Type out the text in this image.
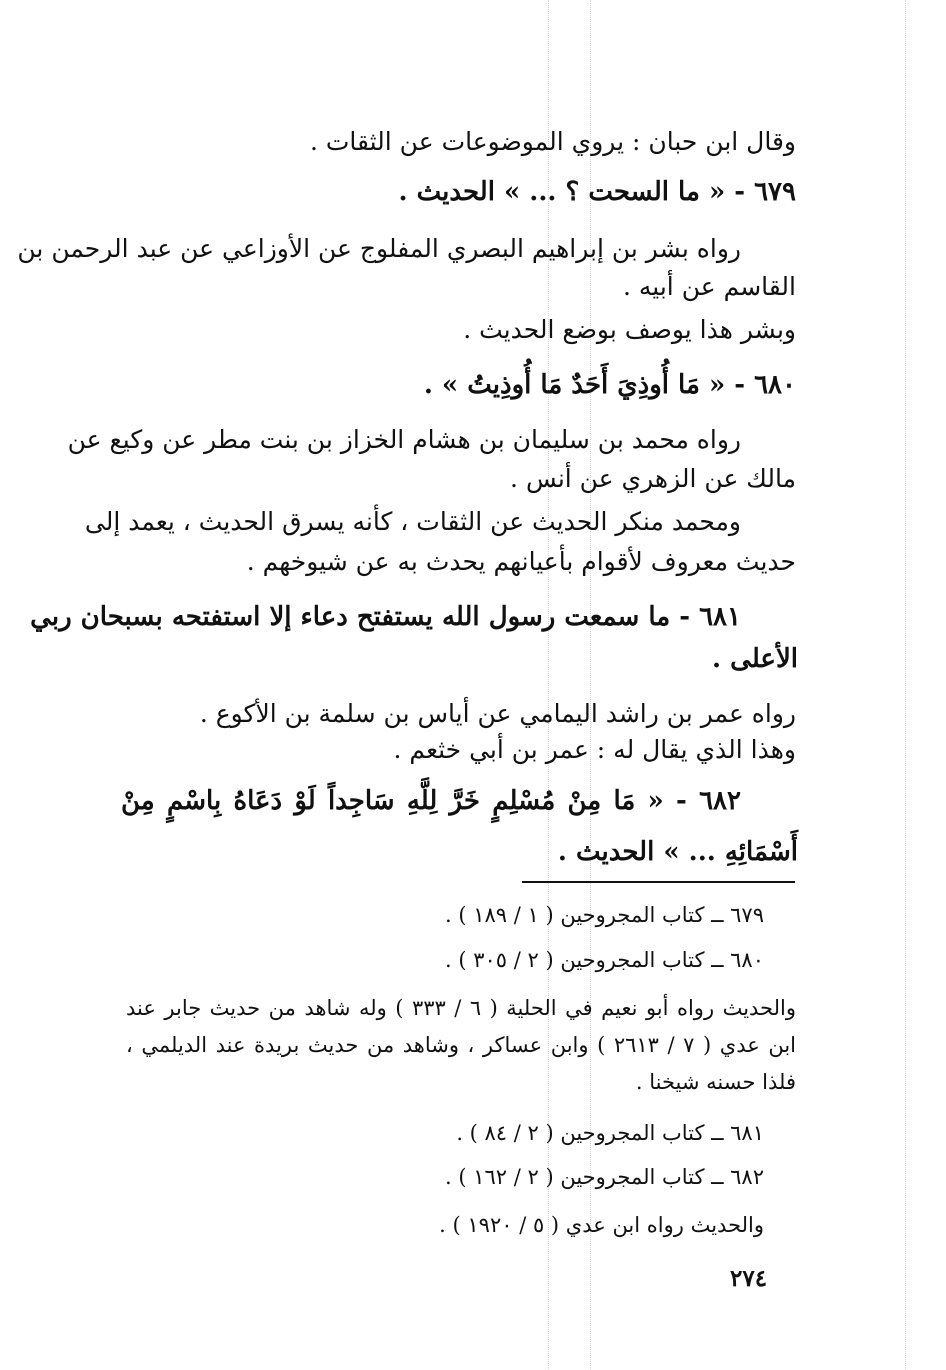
وقال ابن حبان : يروي الموضوعات عن الثقات .
٦٧٩ - « ما السحت ؟ ... » الحديث .
رواه بشر بن إبراهيم البصري المفلوج عن الأوزاعي عن عبد الرحمن بن
القاسم عن أبيه .
وبشر هذا يوصف بوضع الحديث .
٦٨٠ - « مَا أُوذِيَ أَحَدٌ مَا أُوذِيتُ » .
رواه محمد بن سليمان بن هشام الخزاز بن بنت مطر عن وكيع عن
مالك عن الزهري عن أنس .
ومحمد منكر الحديث عن الثقات ، كأنه يسرق الحديث ، يعمد إلى
حديث معروف لأقوام بأعيانهم يحدث به عن شيوخهم .
٦٨١ - ما سمعت رسول الله يستفتح دعاء إلا استفتحه بسبحان ربي
الأعلى .
رواه عمر بن راشد اليمامي عن أياس بن سلمة بن الأكوع .
وهذا الذي يقال له : عمر بن أبي خثعم .
٦٨٢ - « مَا مِنْ مُسْلِمٍ خَرَّ لِلَّهِ سَاجِداً لَوْ دَعَاهُ بِاسْمٍ مِنْ
أَسْمَائِهِ ... » الحديث .
٦٧٩ ــ كتاب المجروحين ( ١ / ١٨٩ ) .
٦٨٠ ــ كتاب المجروحين ( ٢ / ٣٠٥ ) .
والحديث رواه أبو نعيم في الحلية ( ٦ / ٣٣٣ ) وله شاهد من حديث جابر عند
ابن عدي ( ٧ / ٢٦١٣ ) وابن عساكر ، وشاهد من حديث بريدة عند الديلمي ،
فلذا حسنه شيخنا .
٦٨١ ــ كتاب المجروحين ( ٢ / ٨٤ ) .
٦٨٢ ــ كتاب المجروحين ( ٢ / ١٦٢ ) .
والحديث رواه ابن عدي ( ٥ / ١٩٢٠ ) .
٢٧٤
